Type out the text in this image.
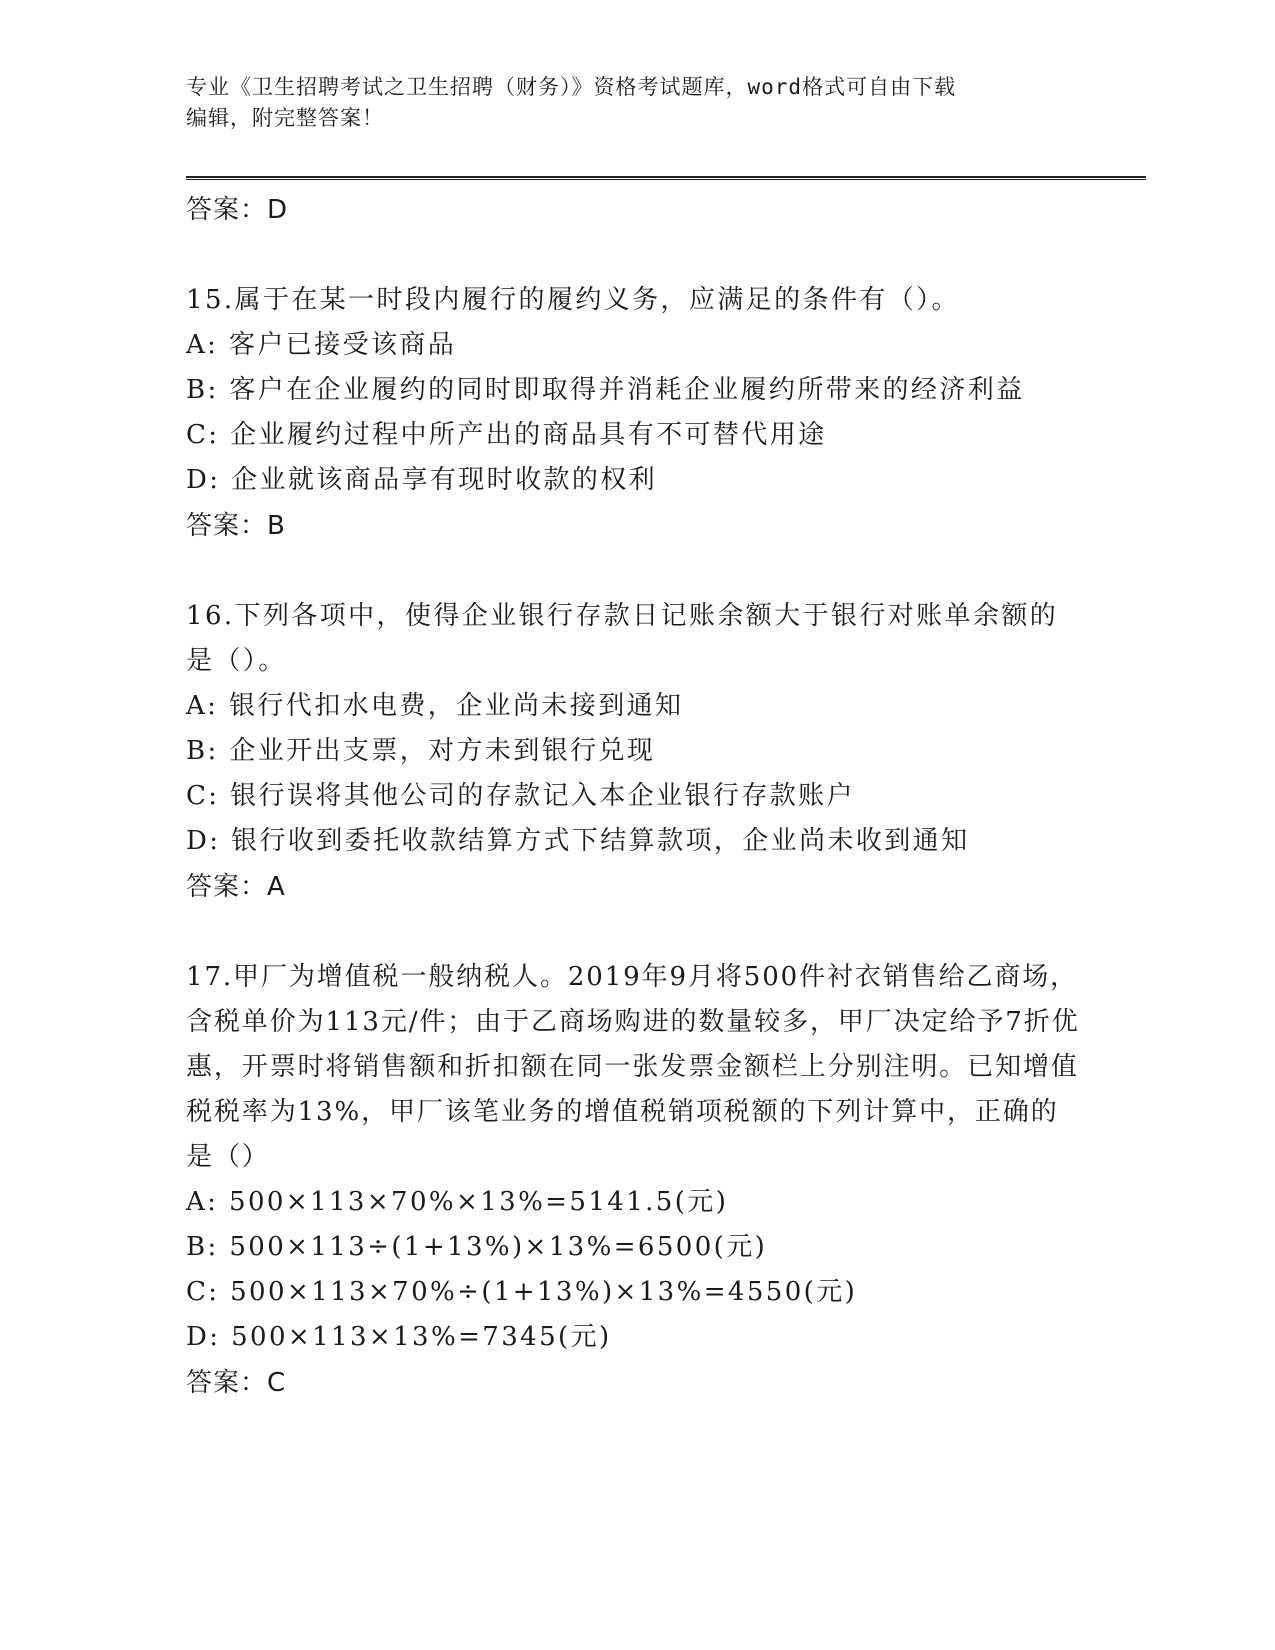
专业《卫生招聘考试之卫生招聘（财务）》资格考试题库，word格式可自由下载
编辑，附完整答案！
答案：D
15.属于在某一时段内履行的履约义务，应满足的条件有（）。
A: 客户已接受该商品
B: 客户在企业履约的同时即取得并消耗企业履约所带来的经济利益
C: 企业履约过程中所产出的商品具有不可替代用途
D: 企业就该商品享有现时收款的权利
答案：B
16.下列各项中，使得企业银行存款日记账余额大于银行对账单余额的是（）。
A: 银行代扣水电费，企业尚未接到通知
B: 企业开出支票，对方未到银行兑现
C: 银行误将其他公司的存款记入本企业银行存款账户
D: 银行收到委托收款结算方式下结算款项，企业尚未收到通知
答案：A
17.甲厂为增值税一般纳税人。2019年9月将500件衬衣销售给乙商场，含税单价为113元/件；由于乙商场购进的数量较多，甲厂决定给予7折优惠，开票时将销售额和折扣额在同一张发票金额栏上分别注明。已知增值税税率为13%，甲厂该笔业务的增值税销项税额的下列计算中，正确的是（）
A: 500×113×70%×13%=5141.5(元)
B: 500×113÷(1+13%)×13%=6500(元)
C: 500×113×70%÷(1+13%)×13%=4550(元)
D: 500×113×13%=7345(元)
答案：C
